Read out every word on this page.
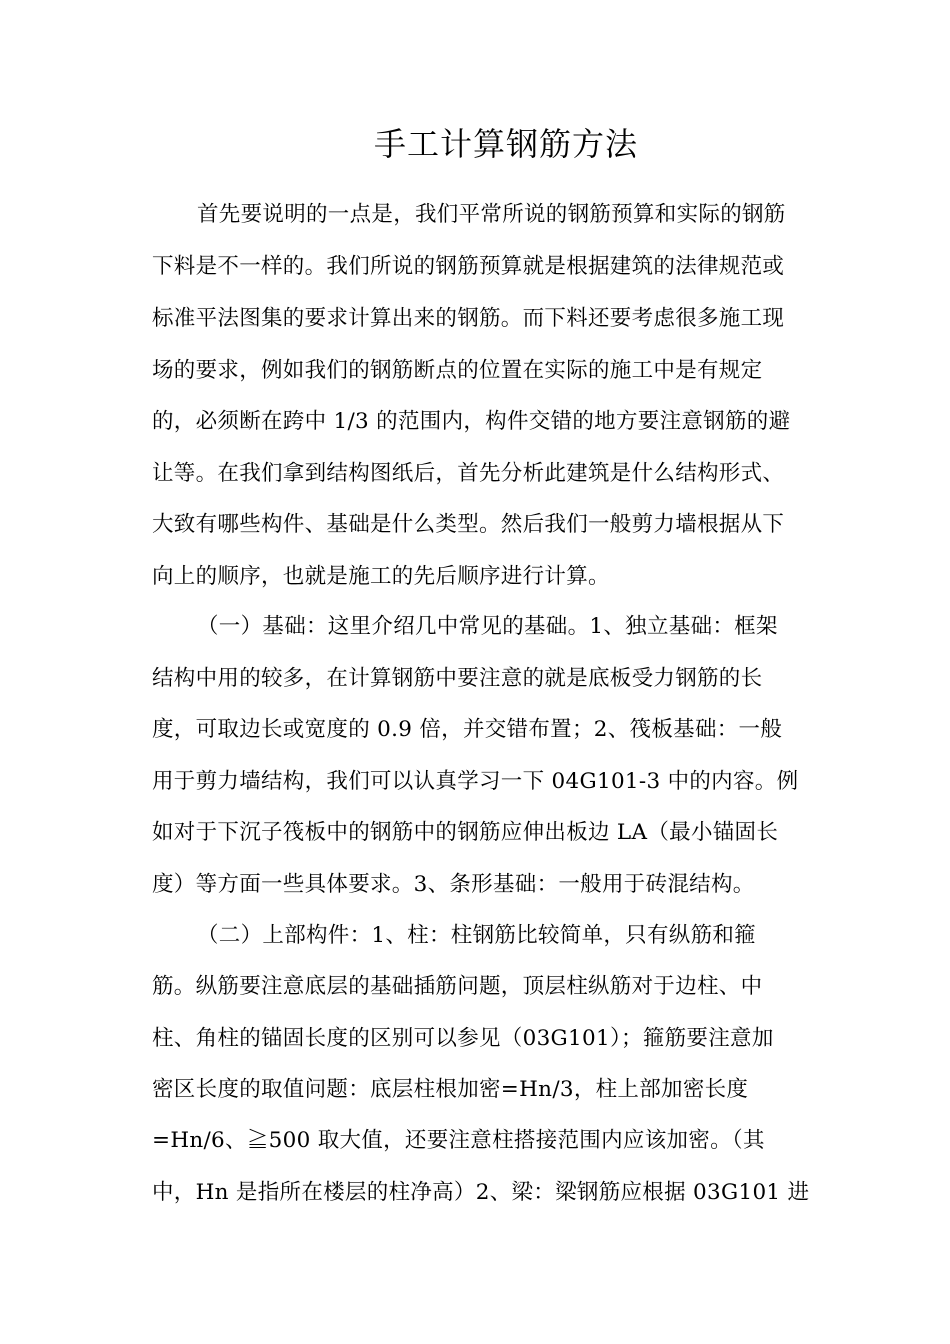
手工计算钢筋方法
首先要说明的一点是，我们平常所说的钢筋预算和实际的钢筋
下料是不一样的。我们所说的钢筋预算就是根据建筑的法律规范或
标准平法图集的要求计算出来的钢筋。而下料还要考虑很多施工现
场的要求，例如我们的钢筋断点的位置在实际的施工中是有规定
的，必须断在跨中 1/3 的范围内，构件交错的地方要注意钢筋的避
让等。在我们拿到结构图纸后，首先分析此建筑是什么结构形式、
大致有哪些构件、基础是什么类型。然后我们一般剪力墙根据从下
向上的顺序，也就是施工的先后顺序进行计算。
（一）基础：这里介绍几中常见的基础。1、独立基础：框架
结构中用的较多，在计算钢筋中要注意的就是底板受力钢筋的长
度，可取边长或宽度的 0.9 倍，并交错布置；2、筏板基础：一般
用于剪力墙结构，我们可以认真学习一下 04G101-3 中的内容。例
如对于下沉子筏板中的钢筋中的钢筋应伸出板边 LA（最小锚固长
度）等方面一些具体要求。3、条形基础：一般用于砖混结构。
（二）上部构件：1、柱：柱钢筋比较简单，只有纵筋和箍
筋。纵筋要注意底层的基础插筋问题，顶层柱纵筋对于边柱、中
柱、角柱的锚固长度的区别可以参见（03G101）；箍筋要注意加
密区长度的取值问题：底层柱根加密=Hn/3，柱上部加密长度
=Hn/6、≧500 取大值，还要注意柱搭接范围内应该加密。（其
中，Hn 是指所在楼层的柱净高）2、梁：梁钢筋应根据 03G101 进
